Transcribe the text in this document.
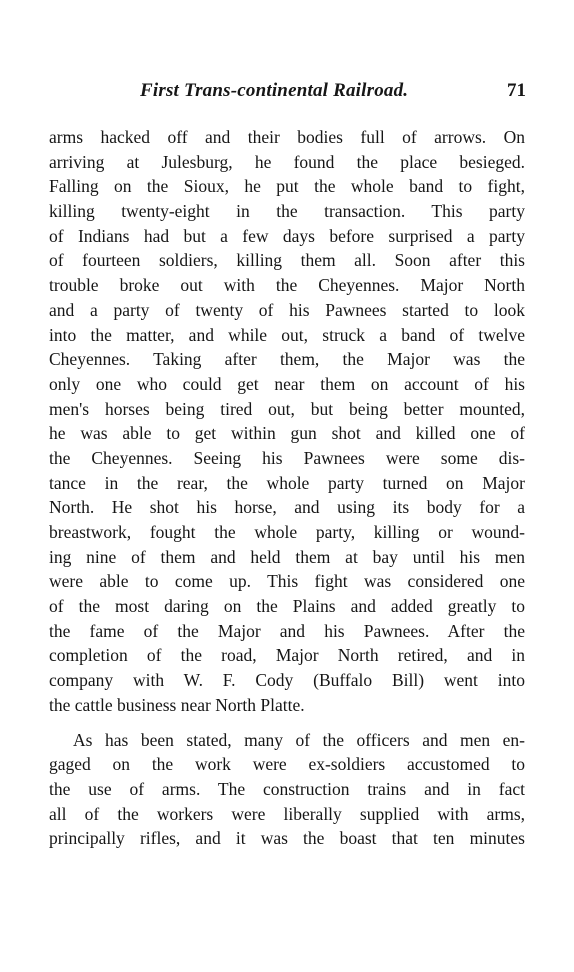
First Trans-continental Railroad.	71
arms hacked off and their bodies full of arrows. On
arriving at Julesburg, he found the place besieged.
Falling on the Sioux, he put the whole band to fight,
killing twenty-eight in the transaction. This party
of Indians had but a few days before surprised a party
of fourteen soldiers, killing them all. Soon after this
trouble broke out with the Cheyennes. Major North
and a party of twenty of his Pawnees started to look
into the matter, and while out, struck a band of twelve
Cheyennes. Taking after them, the Major was the
only one who could get near them on account of his
men's horses being tired out, but being better mounted,
he was able to get within gun shot and killed one of
the Cheyennes. Seeing his Pawnees were some dis-
tance in the rear, the whole party turned on Major
North. He shot his horse, and using its body for a
breastwork, fought the whole party, killing or wound-
ing nine of them and held them at bay until his men
were able to come up. This fight was considered one
of the most daring on the Plains and added greatly to
the fame of the Major and his Pawnees. After the
completion of the road, Major North retired, and in
company with W. F. Cody (Buffalo Bill) went into
the cattle business near North Platte.
As has been stated, many of the officers and men en-
gaged on the work were ex-soldiers accustomed to
the use of arms. The construction trains and in fact
all of the workers were liberally supplied with arms,
principally rifles, and it was the boast that ten minutes
